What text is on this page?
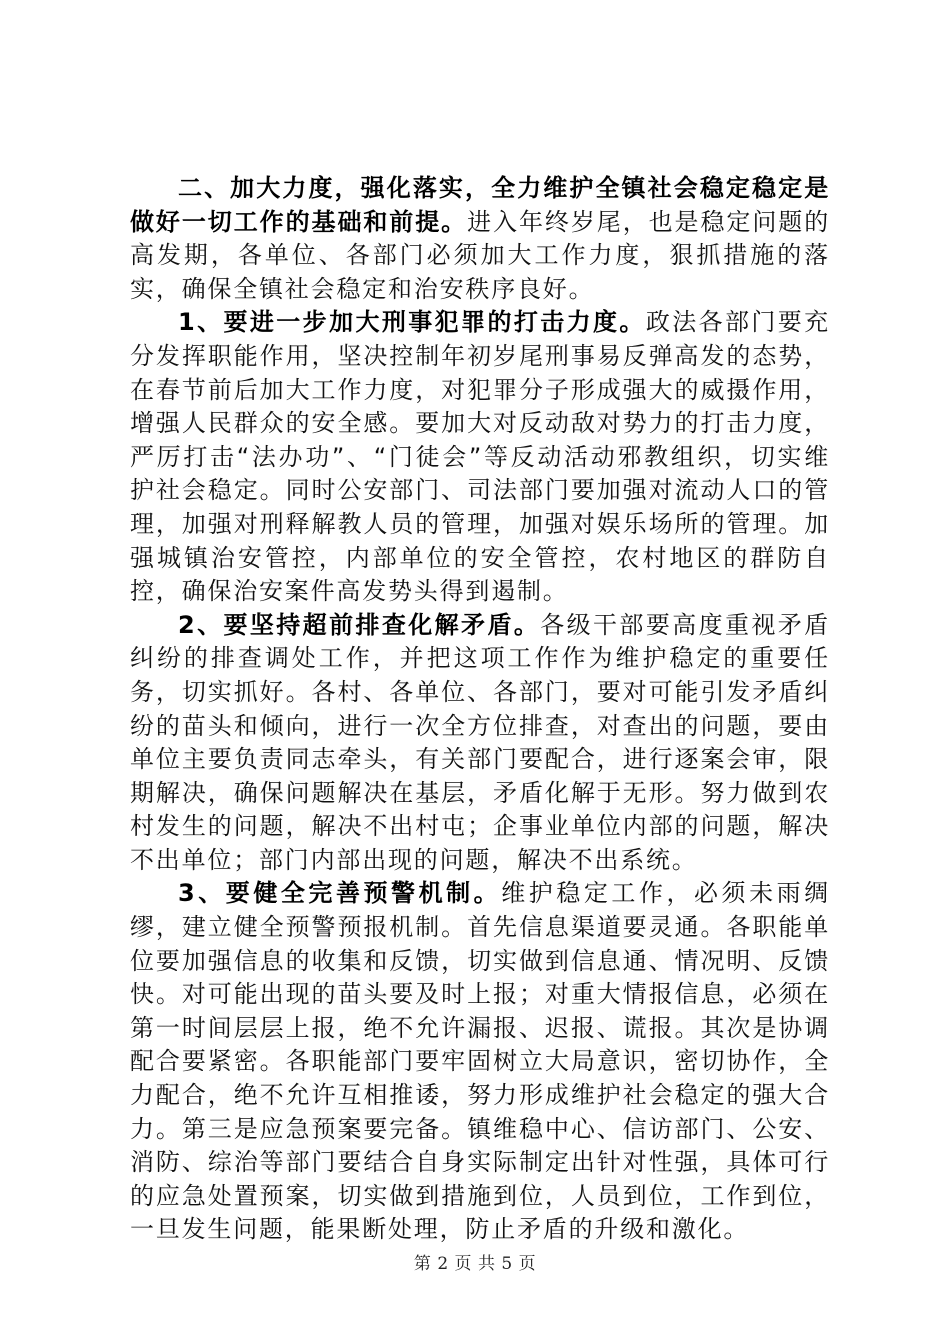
二、加大力度，强化落实，全力维护全镇社会稳定稳定是做好一切工作的基础和前提。进入年终岁尾，也是稳定问题的高发期，各单位、各部门必须加大工作力度，狠抓措施的落实，确保全镇社会稳定和治安秩序良好。

1、要进一步加大刑事犯罪的打击力度。政法各部门要充分发挥职能作用，坚决控制年初岁尾刑事易反弹高发的态势，在春节前后加大工作力度，对犯罪分子形成强大的威摄作用，增强人民群众的安全感。要加大对反动敌对势力的打击力度，严厉打击“法办功”、“门徒会”等反动活动邪教组织，切实维护社会稳定。同时公安部门、司法部门要加强对流动人口的管理，加强对刑释解教人员的管理，加强对娱乐场所的管理。加强城镇治安管控，内部单位的安全管控，农村地区的群防自控，确保治安案件高发势头得到遏制。

2、要坚持超前排查化解矛盾。各级干部要高度重视矛盾纠纷的排查调处工作，并把这项工作作为维护稳定的重要任务，切实抓好。各村、各单位、各部门，要对可能引发矛盾纠纷的苗头和倾向，进行一次全方位排查，对查出的问题，要由单位主要负责同志牵头，有关部门要配合，进行逐案会审，限期解决，确保问题解决在基层，矛盾化解于无形。努力做到农村发生的问题，解决不出村屯；企事业单位内部的问题，解决不出单位；部门内部出现的问题，解决不出系统。

3、要健全完善预警机制。维护稳定工作，必须未雨绸缪，建立健全预警预报机制。首先信息渠道要灵通。各职能单位要加强信息的收集和反馈，切实做到信息通、情况明、反馈快。对可能出现的苗头要及时上报；对重大情报信息，必须在第一时间层层上报，绝不允许漏报、迟报、谎报。其次是协调配合要紧密。各职能部门要牢固树立大局意识，密切协作，全力配合，绝不允许互相推诿，努力形成维护社会稳定的强大合力。第三是应急预案要完备。镇维稳中心、信访部门、公安、消防、综治等部门要结合自身实际制定出针对性强，具体可行的应急处置预案，切实做到措施到位，人员到位，工作到位，一旦发生问题，能果断处理，防止矛盾的升级和激化。

第 2 页 共 5 页
